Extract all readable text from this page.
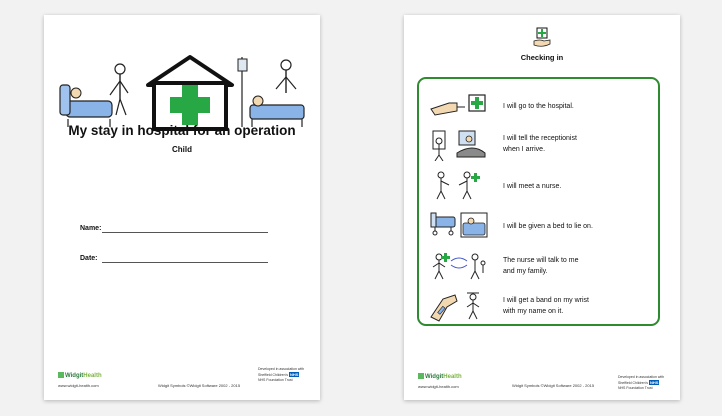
My stay in hospital for an operation
Child
Name:
Date:
WidgitHealth
www.widgit-health.com	Widgit Symbols ©Widgit Software 2002 - 2015
Developed in association with
Sheffield Children's NHS
NHS Foundation Trust
Checking in
I will go to the hospital.
I will tell the receptionist
when I arrive.
I will meet a nurse.
I will be given a bed to lie on.
The nurse will talk to me
and my family.
I will get a band on my wrist
with my name on it.
WidgitHealth
www.widgit-health.com	Widgit Symbols ©Widgit Software 2002 - 2015
Developed in association with
Sheffield Children's NHS
NHS Foundation Trust
